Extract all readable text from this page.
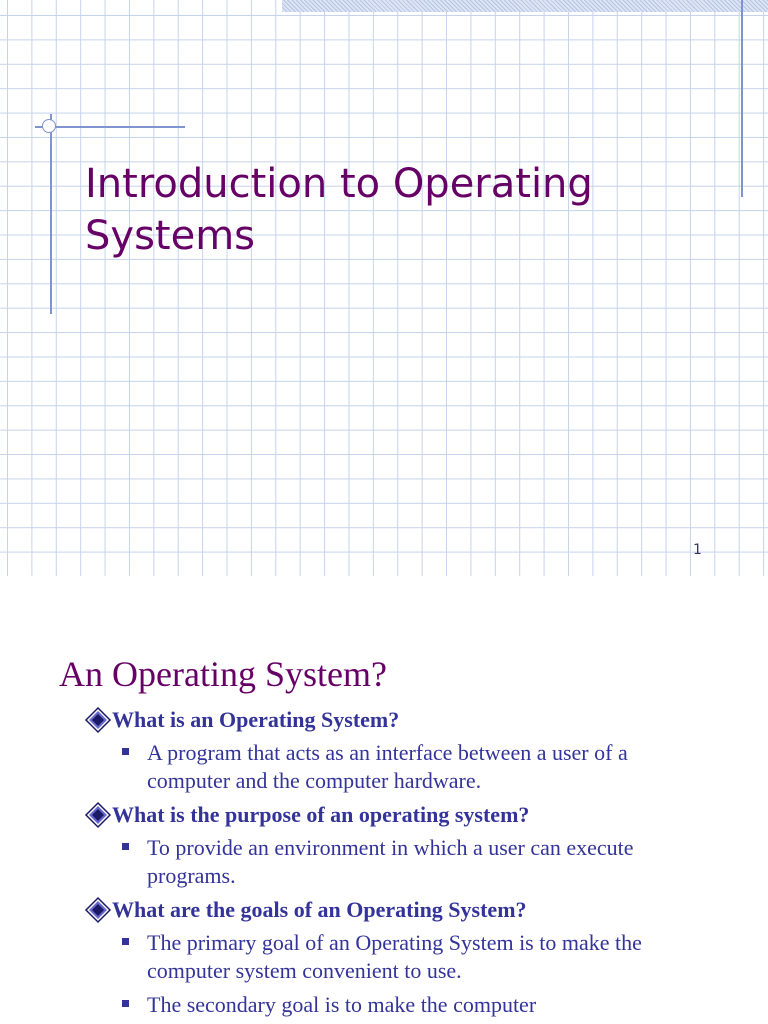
Introduction to Operating Systems
1
An Operating System?
What is an Operating System?
A program that acts as an interface between a user of a computer and the computer hardware.
What is the purpose of an operating system?
To provide an environment in which a user can execute programs.
What are the goals of an Operating System?
The primary goal of an Operating System is to make the computer system convenient to use.
The secondary goal is to make the computer
